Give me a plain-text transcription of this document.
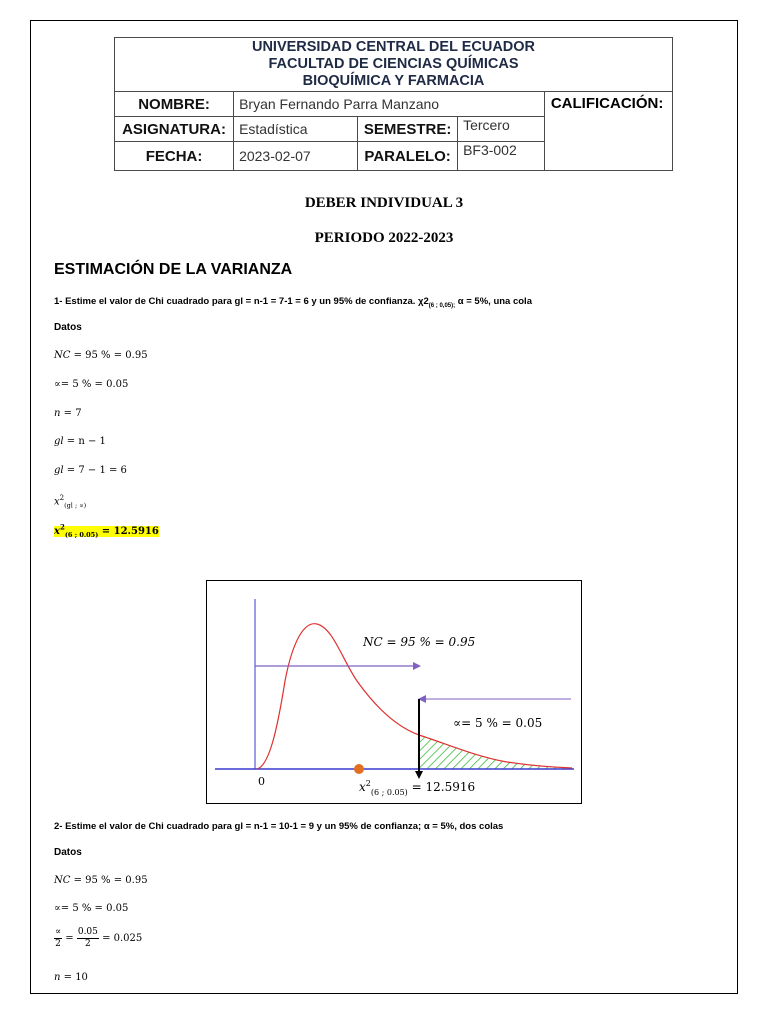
UNIVERSIDAD CENTRAL DEL ECUADOR
FACULTAD DE CIENCIAS QUÍMICAS
BIOQUÍMICA Y FARMACIA				

NOMBRE:	Bryan Fernando Parra Manzano			CALIFICACIÓN:
ASIGNATURA:	Estadística	SEMESTRE:	Tercero	
FECHA:	2023-02-07	PARALELO:	BF3-002	
DEBER INDIVIDUAL 3
PERIODO 2022-2023
ESTIMACIÓN DE LA VARIANZA
1- Estime el valor de Chi cuadrado para gl = n-1 = 7-1 = 6 y un 95% de confianza. $\chi 2_{(6 ; 0,05);}$ α = 5%, una cola
Datos
NC = 95 % = 0.95
∝= 5 % = 0.05
n = 7
gl = n − 1
gl = 7 − 1 = 6
$x^2_{(gl ; \propto)}$
$x^2_{(6 ; 0.05)} = 12.5916$
NC = 95 % = 0.95
∝= 5 % = 0.05
0	$x^2_{(6 ; 0.05)} = 12.5916$
2- Estime el valor de Chi cuadrado para gl = n-1 = 10-1 = 9 y un 95% de confianza; α = 5%, dos colas
Datos
NC = 95 % = 0.95
∝= 5 % = 0.05
$\frac{\propto}{2} = \frac{0.05}{2} = 0.025$
n = 10
